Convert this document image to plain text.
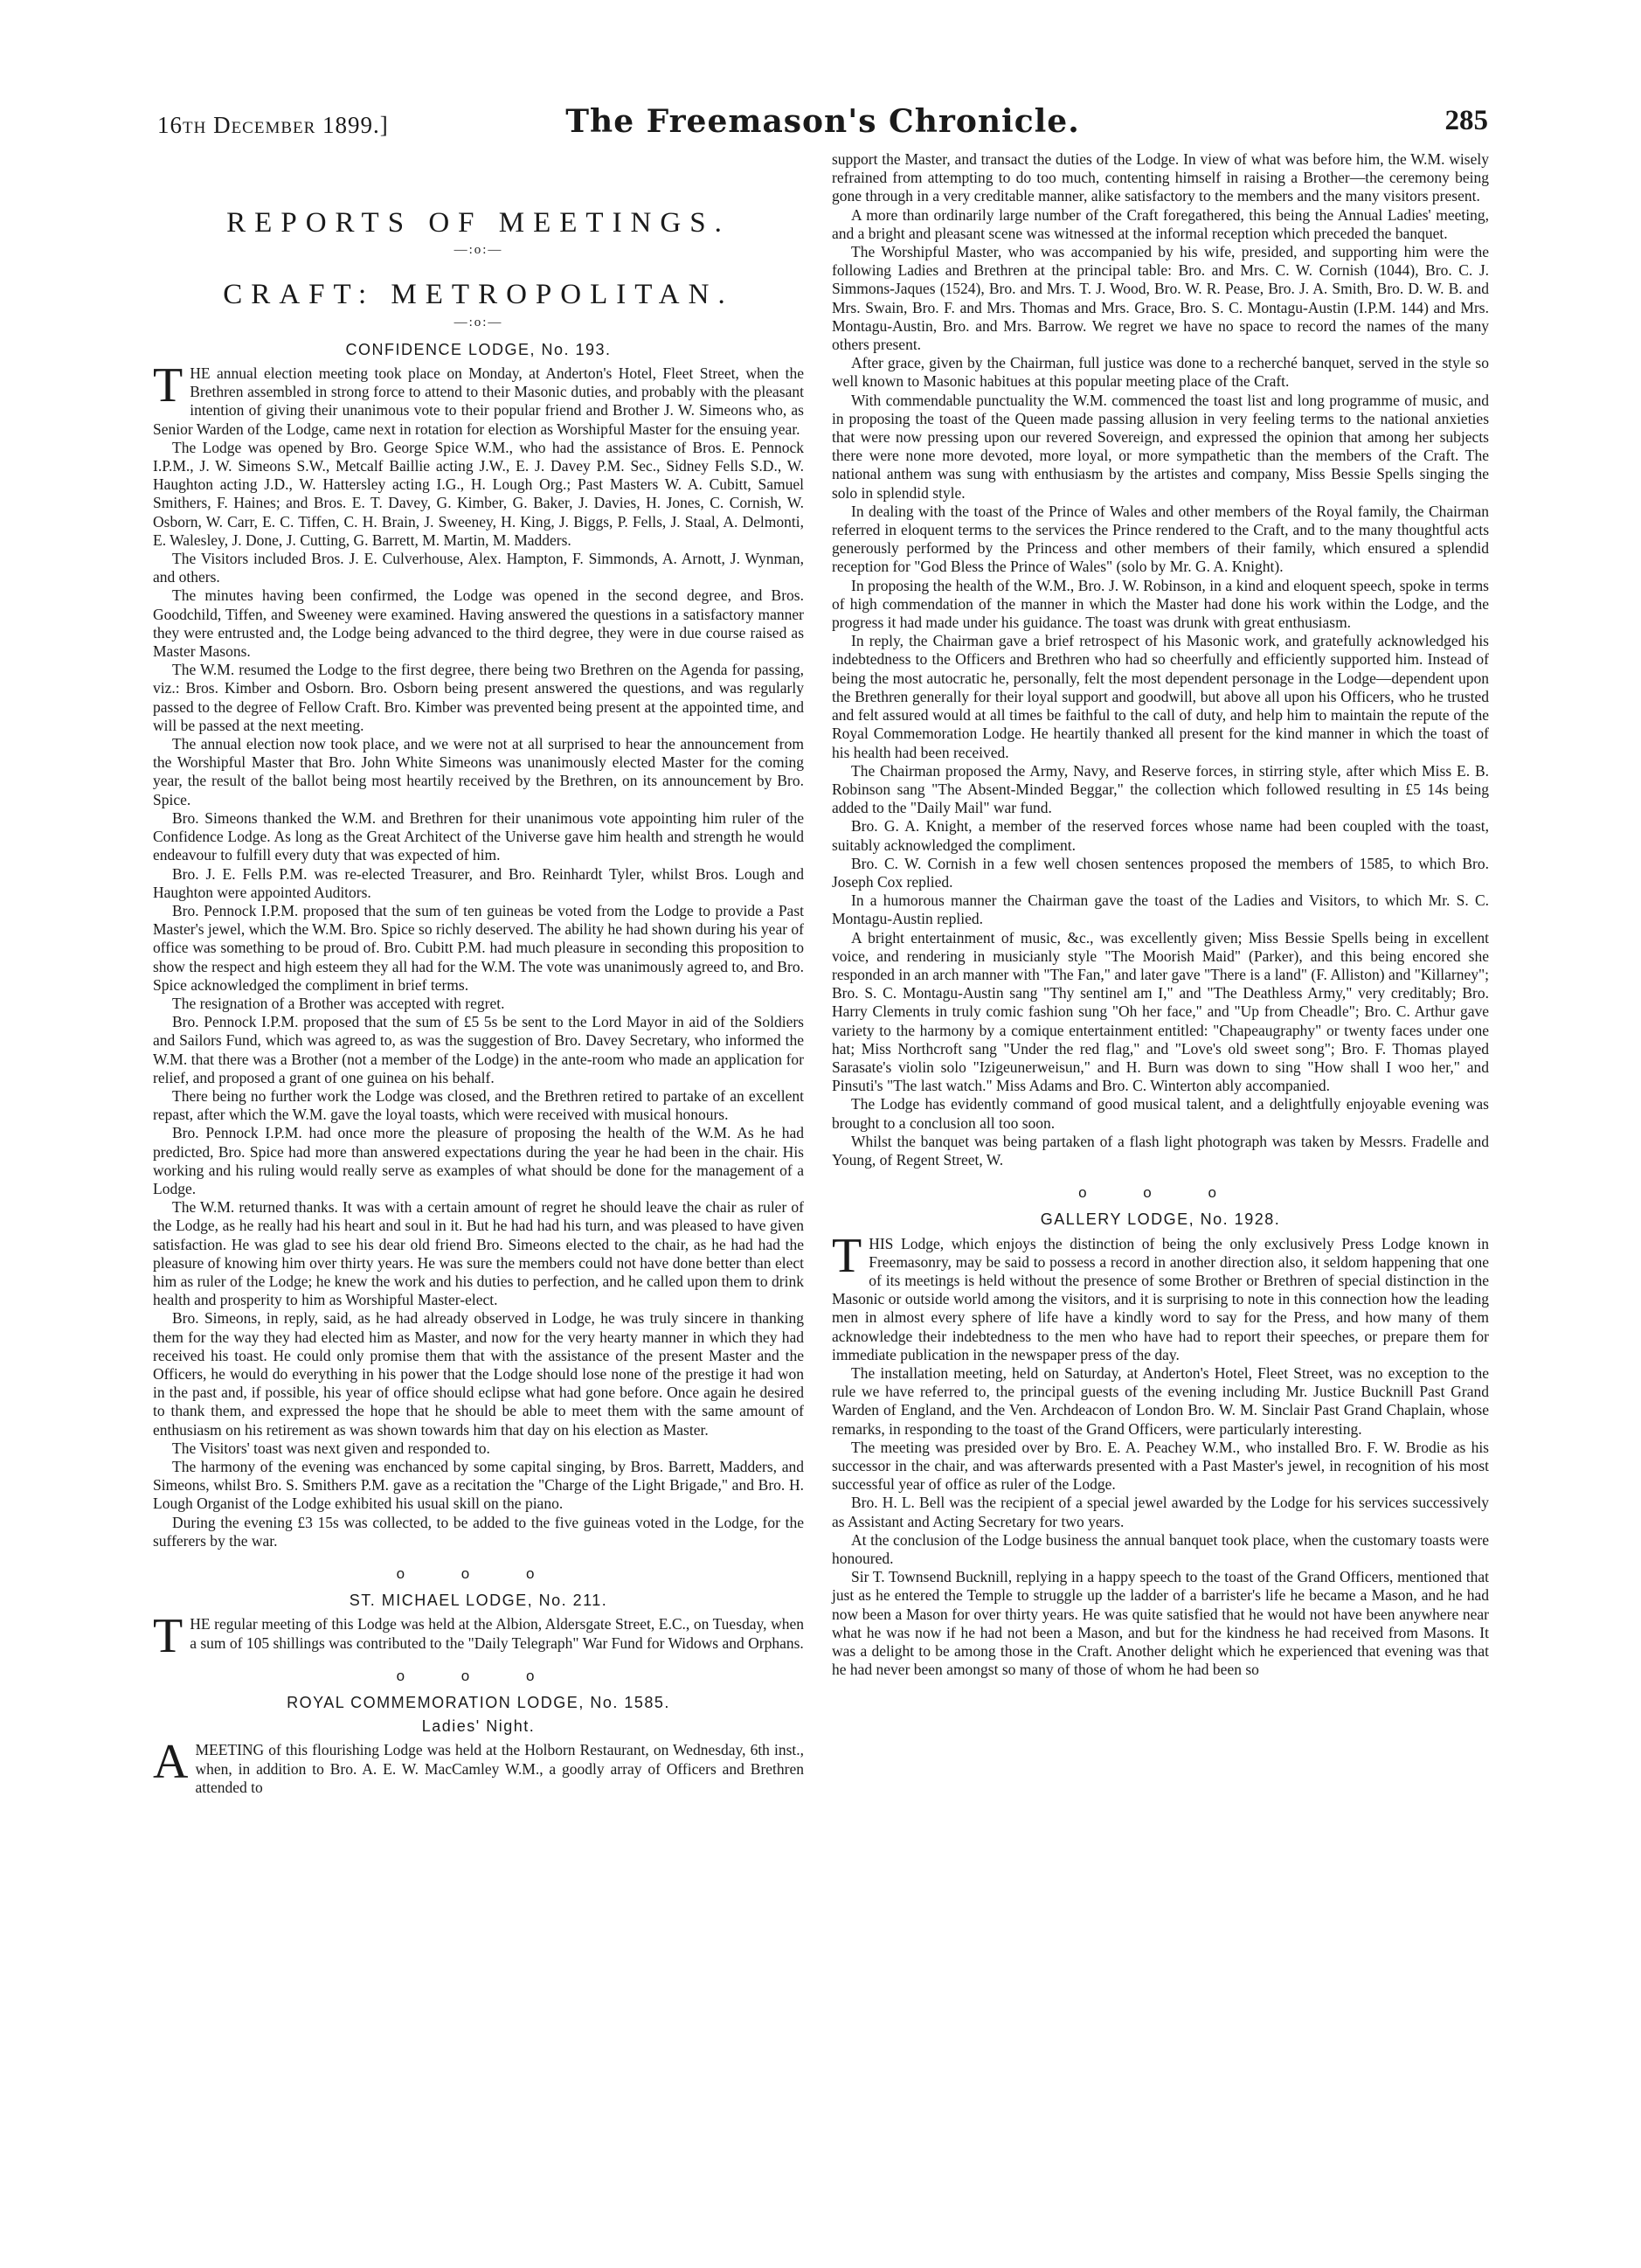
16th December 1899.]	The Freemason's Chronicle.	285
REPORTS OF MEETINGS.
—:o:—
CRAFT: METROPOLITAN.
—:o:—
CONFIDENCE LODGE, No. 193.

THE annual election meeting took place on Monday, at Anderton's Hotel, Fleet Street, when the Brethren assembled in strong force to attend to their Masonic duties, and probably with the pleasant intention of giving their unanimous vote to their popular friend and Brother J. W. Simeons who, as Senior Warden of the Lodge, came next in rotation for election as Worshipful Master for the ensuing year.

The Lodge was opened by Bro. George Spice W.M., who had the assistance of Bros. E. Pennock I.P.M., J. W. Simeons S.W., Metcalf Baillie acting J.W., E. J. Davey P.M. Sec., Sidney Fells S.D., W. Haughton acting J.D., W. Hattersley acting I.G., H. Lough Org.; Past Masters W. A. Cubitt, Samuel Smithers, F. Haines; and Bros. E. T. Davey, G. Kimber, G. Baker, J. Davies, H. Jones, C. Cornish, W. Osborn, W. Carr, E. C. Tiffen, C. H. Brain, J. Sweeney, H. King, J. Biggs, P. Fells, J. Staal, A. Delmonti, E. Walesley, J. Done, J. Cutting, G. Barrett, M. Martin, M. Madders.

The Visitors included Bros. J. E. Culverhouse, Alex. Hampton, F. Simmonds, A. Arnott, J. Wynman, and others.

The minutes having been confirmed, the Lodge was opened in the second degree, and Bros. Goodchild, Tiffen, and Sweeney were examined. Having answered the questions in a satisfactory manner they were entrusted and, the Lodge being advanced to the third degree, they were in due course raised as Master Masons.

The W.M. resumed the Lodge to the first degree, there being two Brethren on the Agenda for passing, viz.: Bros. Kimber and Osborn. Bro. Osborn being present answered the questions, and was regularly passed to the degree of Fellow Craft. Bro. Kimber was prevented being present at the appointed time, and will be passed at the next meeting.

The annual election now took place, and we were not at all surprised to hear the announcement from the Worshipful Master that Bro. John White Simeons was unanimously elected Master for the coming year, the result of the ballot being most heartily received by the Brethren, on its announcement by Bro. Spice.

Bro. Simeons thanked the W.M. and Brethren for their unanimous vote appointing him ruler of the Confidence Lodge. As long as the Great Architect of the Universe gave him health and strength he would endeavour to fulfill every duty that was expected of him.

Bro. J. E. Fells P.M. was re-elected Treasurer, and Bro. Reinhardt Tyler, whilst Bros. Lough and Haughton were appointed Auditors.

Bro. Pennock I.P.M. proposed that the sum of ten guineas be voted from the Lodge to provide a Past Master's jewel, which the W.M. Bro. Spice so richly deserved. The ability he had shown during his year of office was something to be proud of. Bro. Cubitt P.M. had much pleasure in seconding this proposition to show the respect and high esteem they all had for the W.M. The vote was unanimously agreed to, and Bro. Spice acknowledged the compliment in brief terms.

The resignation of a Brother was accepted with regret.

Bro. Pennock I.P.M. proposed that the sum of £5 5s be sent to the Lord Mayor in aid of the Soldiers and Sailors Fund, which was agreed to, as was the suggestion of Bro. Davey Secretary, who informed the W.M. that there was a Brother (not a member of the Lodge) in the ante-room who made an application for relief, and proposed a grant of one guinea on his behalf.

There being no further work the Lodge was closed, and the Brethren retired to partake of an excellent repast, after which the W.M. gave the loyal toasts, which were received with musical honours.

Bro. Pennock I.P.M. had once more the pleasure of proposing the health of the W.M. As he had predicted, Bro. Spice had more than answered expectations during the year he had been in the chair. His working and his ruling would really serve as examples of what should be done for the management of a Lodge.

The W.M. returned thanks. It was with a certain amount of regret he should leave the chair as ruler of the Lodge, as he really had his heart and soul in it. But he had had his turn, and was pleased to have given satisfaction. He was glad to see his dear old friend Bro. Simeons elected to the chair, as he had had the pleasure of knowing him over thirty years. He was sure the members could not have done better than elect him as ruler of the Lodge; he knew the work and his duties to perfection, and he called upon them to drink health and prosperity to him as Worshipful Master-elect.

Bro. Simeons, in reply, said, as he had already observed in Lodge, he was truly sincere in thanking them for the way they had elected him as Master, and now for the very hearty manner in which they had received his toast. He could only promise them that with the assistance of the present Master and the Officers, he would do everything in his power that the Lodge should lose none of the prestige it had won in the past and, if possible, his year of office should eclipse what had gone before. Once again he desired to thank them, and expressed the hope that he should be able to meet them with the same amount of enthusiasm on his retirement as was shown towards him that day on his election as Master.

The Visitors' toast was next given and responded to.

The harmony of the evening was enchanced by some capital singing, by Bros. Barrett, Madders, and Simeons, whilst Bro. S. Smithers P.M. gave as a recitation the "Charge of the Light Brigade," and Bro. H. Lough Organist of the Lodge exhibited his usual skill on the piano.

During the evening £3 15s was collected, to be added to the five guineas voted in the Lodge, for the sufferers by the war.

o o o
ST. MICHAEL LODGE, No. 211.

THE regular meeting of this Lodge was held at the Albion, Aldersgate Street, E.C., on Tuesday, when a sum of 105 shillings was contributed to the "Daily Telegraph" War Fund for Widows and Orphans.

o o o
ROYAL COMMEMORATION LODGE, No. 1585.
Ladies' Night.

AMEETING of this flourishing Lodge was held at the Holborn Restaurant, on Wednesday, 6th inst., when, in addition to Bro. A. E. W. MacCamley W.M., a goodly array of Officers and Brethren attended to

support the Master, and transact the duties of the Lodge. In view of what was before him, the W.M. wisely refrained from attempting to do too much, contenting himself in raising a Brother—the ceremony being gone through in a very creditable manner, alike satisfactory to the members and the many visitors present.

A more than ordinarily large number of the Craft foregathered, this being the Annual Ladies' meeting, and a bright and pleasant scene was witnessed at the informal reception which preceded the banquet.

The Worshipful Master, who was accompanied by his wife, presided, and supporting him were the following Ladies and Brethren at the principal table: Bro. and Mrs. C. W. Cornish (1044), Bro. C. J. Simmons-Jaques (1524), Bro. and Mrs. T. J. Wood, Bro. W. R. Pease, Bro. J. A. Smith, Bro. D. W. B. and Mrs. Swain, Bro. F. and Mrs. Thomas and Mrs. Grace, Bro. S. C. Montagu-Austin (I.P.M. 144) and Mrs. Montagu-Austin, Bro. and Mrs. Barrow. We regret we have no space to record the names of the many others present.

After grace, given by the Chairman, full justice was done to a recherché banquet, served in the style so well known to Masonic habitues at this popular meeting place of the Craft.

With commendable punctuality the W.M. commenced the toast list and long programme of music, and in proposing the toast of the Queen made passing allusion in very feeling terms to the national anxieties that were now pressing upon our revered Sovereign, and expressed the opinion that among her subjects there were none more devoted, more loyal, or more sympathetic than the members of the Craft. The national anthem was sung with enthusiasm by the artistes and company, Miss Bessie Spells singing the solo in splendid style.

In dealing with the toast of the Prince of Wales and other members of the Royal family, the Chairman referred in eloquent terms to the services the Prince rendered to the Craft, and to the many thoughtful acts generously performed by the Princess and other members of their family, which ensured a splendid reception for "God Bless the Prince of Wales" (solo by Mr. G. A. Knight).

In proposing the health of the W.M., Bro. J. W. Robinson, in a kind and eloquent speech, spoke in terms of high commendation of the manner in which the Master had done his work within the Lodge, and the progress it had made under his guidance. The toast was drunk with great enthusiasm.

In reply, the Chairman gave a brief retrospect of his Masonic work, and gratefully acknowledged his indebtedness to the Officers and Brethren who had so cheerfully and efficiently supported him. Instead of being the most autocratic he, personally, felt the most dependent personage in the Lodge—dependent upon the Brethren generally for their loyal support and goodwill, but above all upon his Officers, who he trusted and felt assured would at all times be faithful to the call of duty, and help him to maintain the repute of the Royal Commemoration Lodge. He heartily thanked all present for the kind manner in which the toast of his health had been received.

The Chairman proposed the Army, Navy, and Reserve forces, in stirring style, after which Miss E. B. Robinson sang "The Absent-Minded Beggar," the collection which followed resulting in £5 14s being added to the "Daily Mail" war fund.

Bro. G. A. Knight, a member of the reserved forces whose name had been coupled with the toast, suitably acknowledged the compliment.

Bro. C. W. Cornish in a few well chosen sentences proposed the members of 1585, to which Bro. Joseph Cox replied.

In a humorous manner the Chairman gave the toast of the Ladies and Visitors, to which Mr. S. C. Montagu-Austin replied.

A bright entertainment of music, &c., was excellently given; Miss Bessie Spells being in excellent voice, and rendering in musicianly style "The Moorish Maid" (Parker), and this being encored she responded in an arch manner with "The Fan," and later gave "There is a land" (F. Alliston) and "Killarney"; Bro. S. C. Montagu-Austin sang "Thy sentinel am I," and "The Deathless Army," very creditably; Bro. Harry Clements in truly comic fashion sung "Oh her face," and "Up from Cheadle"; Bro. C. Arthur gave variety to the harmony by a comique entertainment entitled: "Chapeaugraphy" or twenty faces under one hat; Miss Northcroft sang "Under the red flag," and "Love's old sweet song"; Bro. F. Thomas played Sarasate's violin solo "Izigeunerweisun," and H. Burn was down to sing "How shall I woo her," and Pinsuti's "The last watch." Miss Adams and Bro. C. Winterton ably accompanied.

The Lodge has evidently command of good musical talent, and a delightfully enjoyable evening was brought to a conclusion all too soon.

Whilst the banquet was being partaken of a flash light photograph was taken by Messrs. Fradelle and Young, of Regent Street, W.

o o o
GALLERY LODGE, No. 1928.

THIS Lodge, which enjoys the distinction of being the only exclusively Press Lodge known in Freemasonry, may be said to possess a record in another direction also, it seldom happening that one of its meetings is held without the presence of some Brother or Brethren of special distinction in the Masonic or outside world among the visitors, and it is surprising to note in this connection how the leading men in almost every sphere of life have a kindly word to say for the Press, and how many of them acknowledge their indebtedness to the men who have had to report their speeches, or prepare them for immediate publication in the newspaper press of the day.

The installation meeting, held on Saturday, at Anderton's Hotel, Fleet Street, was no exception to the rule we have referred to, the principal guests of the evening including Mr. Justice Bucknill Past Grand Warden of England, and the Ven. Archdeacon of London Bro. W. M. Sinclair Past Grand Chaplain, whose remarks, in responding to the toast of the Grand Officers, were particularly interesting.

The meeting was presided over by Bro. E. A. Peachey W.M., who installed Bro. F. W. Brodie as his successor in the chair, and was afterwards presented with a Past Master's jewel, in recognition of his most successful year of office as ruler of the Lodge.

Bro. H. L. Bell was the recipient of a special jewel awarded by the Lodge for his services successively as Assistant and Acting Secretary for two years.

At the conclusion of the Lodge business the annual banquet took place, when the customary toasts were honoured.

Sir T. Townsend Bucknill, replying in a happy speech to the toast of the Grand Officers, mentioned that just as he entered the Temple to struggle up the ladder of a barrister's life he became a Mason, and he had now been a Mason for over thirty years. He was quite satisfied that he would not have been anywhere near what he was now if he had not been a Mason, and but for the kindness he had received from Masons. It was a delight to be among those in the Craft. Another delight which he experienced that evening was that he had never been amongst so many of those of whom he had been so
